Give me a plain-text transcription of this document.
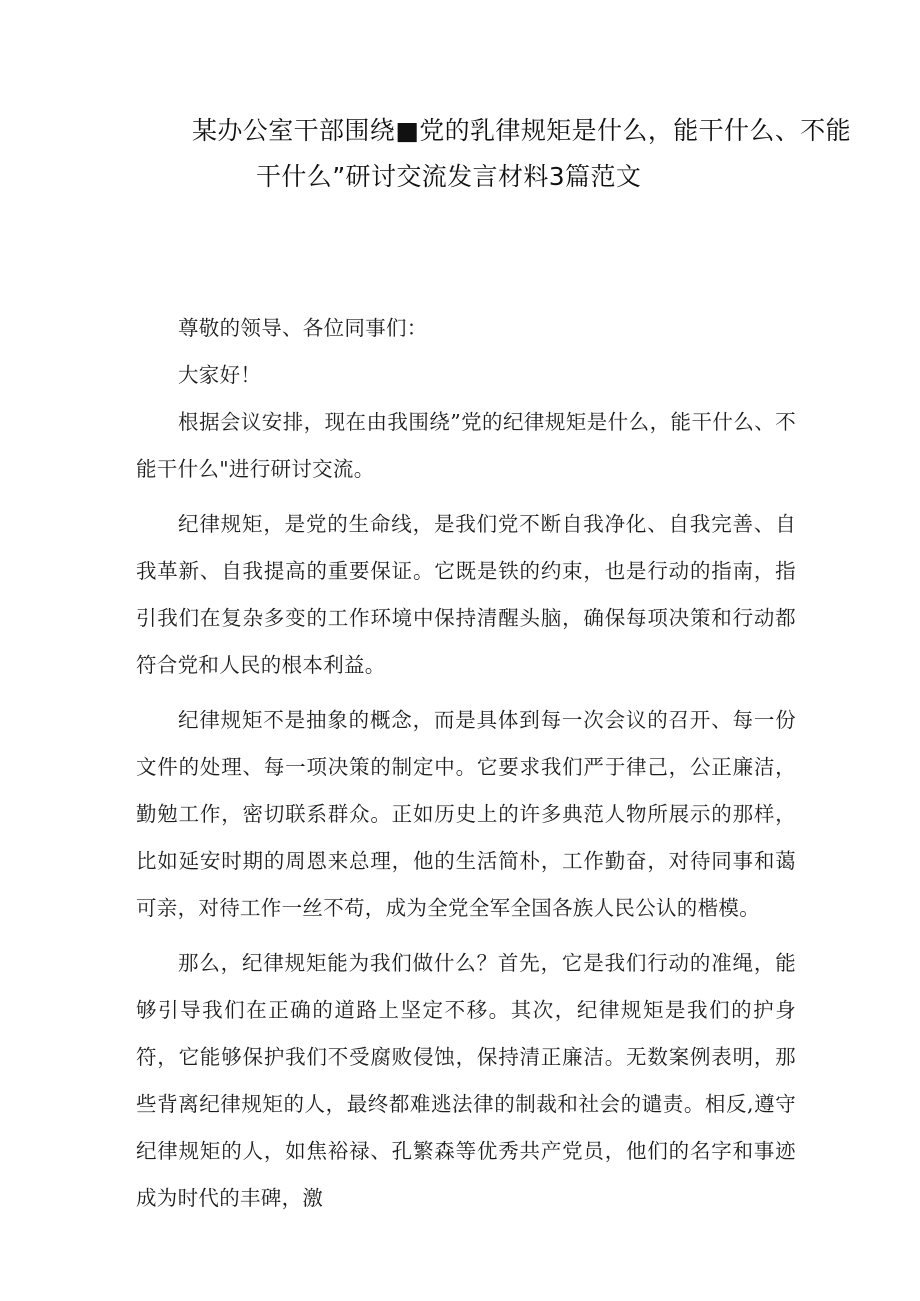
某办公室干部围绕■党的乳律规矩是什么，能干什么、不能
干什么”研讨交流发言材料3篇范文

尊敬的领导、各位同事们：

大家好！

根据会议安排，现在由我围绕”党的纪律规矩是什么，能干什么、不能干什么"进行研讨交流。

纪律规矩，是党的生命线，是我们党不断自我净化、自我完善、自我革新、自我提高的重要保证。它既是铁的约束，也是行动的指南，指引我们在复杂多变的工作环境中保持清醒头脑，确保每项决策和行动都符合党和人民的根本利益。

纪律规矩不是抽象的概念，而是具体到每一次会议的召开、每一份文件的处理、每一项决策的制定中。它要求我们严于律己，公正廉洁，勤勉工作，密切联系群众。正如历史上的许多典范人物所展示的那样，比如延安时期的周恩来总理，他的生活简朴，工作勤奋，对待同事和蔼可亲，对待工作一丝不苟，成为全党全军全国各族人民公认的楷模。

那么，纪律规矩能为我们做什么？首先，它是我们行动的准绳，能够引导我们在正确的道路上坚定不移。其次，纪律规矩是我们的护身符，它能够保护我们不受腐败侵蚀，保持清正廉洁。无数案例表明，那些背离纪律规矩的人，最终都难逃法律的制裁和社会的谴责。相反,遵守纪律规矩的人，如焦裕禄、孔繁森等优秀共产党员，他们的名字和事迹成为时代的丰碑，激
